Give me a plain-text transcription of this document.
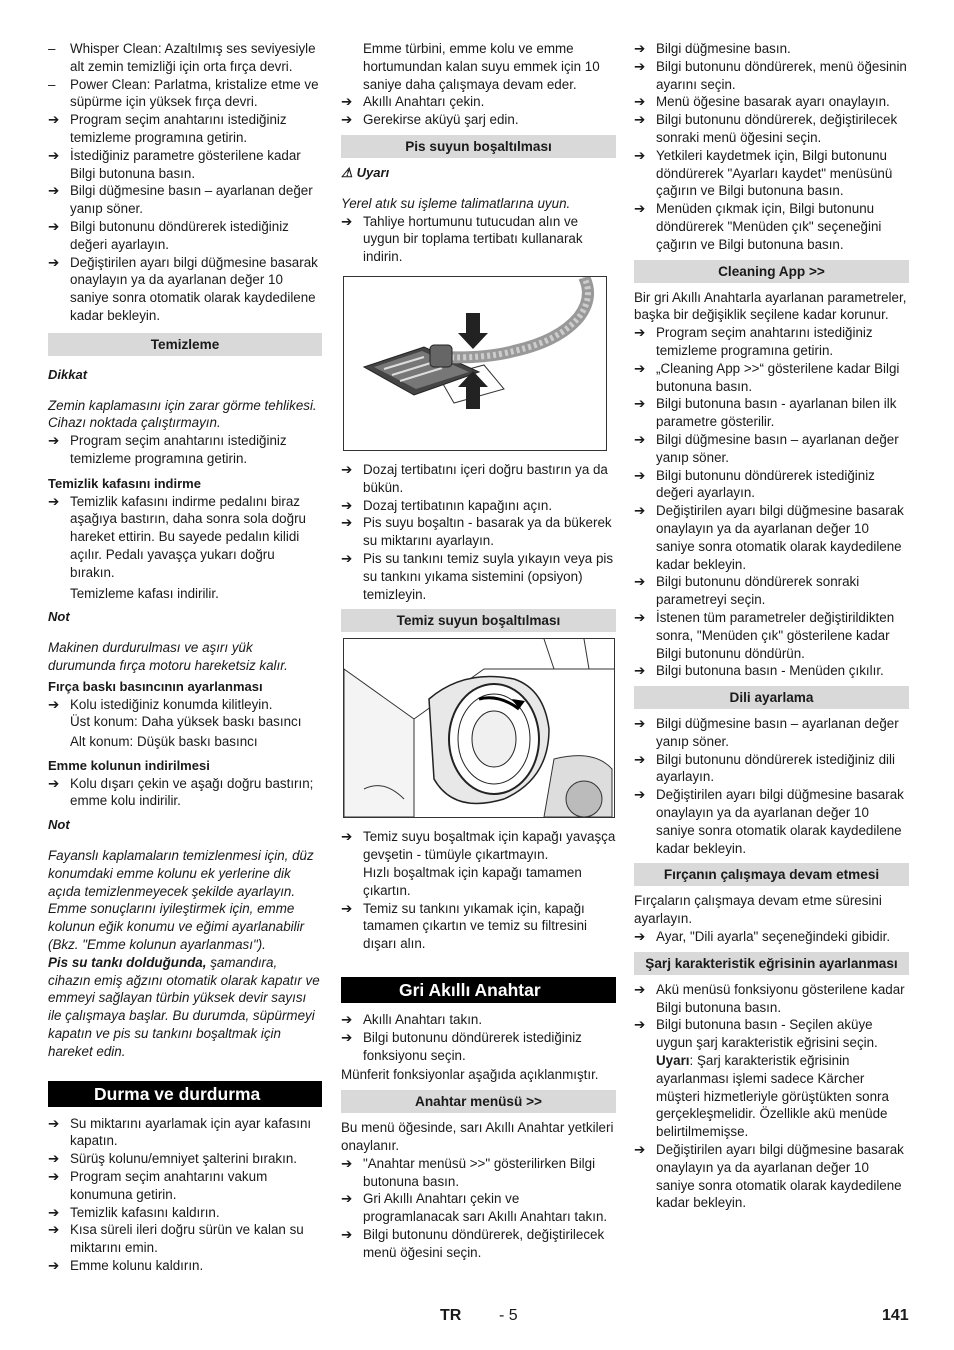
– Whisper Clean: Azaltılmış ses seviyesiyle alt zemin temizliği için orta fırça devri.

– Power Clean: Parlatma, kristalize etme ve süpürme için yüksek fırça devri.

➔ Program seçim anahtarını istediğiniz temizleme programına getirin.

➔ İstediğiniz parametre gösterilene kadar Bilgi butonuna basın.

➔ Bilgi düğmesine basın – ayarlanan değer yanıp söner.

➔ Bilgi butonunu döndürerek istediğiniz değeri ayarlayın.

➔ Değiştirilen ayarı bilgi düğmesine basarak onaylayın ya da ayarlanan değer 10 saniye sonra otomatik olarak kaydedilene kadar bekleyin.

Temizleme

Dikkat

Zemin kaplamasını için zarar görme tehlikesi. Cihazı noktada çalıştırmayın.

➔ Program seçim anahtarını istediğiniz temizleme programına getirin.

Temizlik kafasını indirme

➔ Temizlik kafasını indirme pedalını biraz aşağıya bastırın, daha sonra sola doğru hareket ettirin. Bu sayede pedalın kilidi açılır. Pedalı yavaşça yukarı doğru bırakın.

Temizleme kafası indirilir.

Not

Makinen durdurulması ve aşırı yük durumunda fırça motoru hareketsiz kalır.

Fırça baskı basıncının ayarlanması

➔ Kolu istediğiniz konumda kilitleyin.

Üst konum: Daha yüksek baskı basıncı

Alt konum: Düşük baskı basıncı

Emme kolunun indirilmesi

➔ Kolu dışarı çekin ve aşağı doğru bastırın; emme kolu indirilir.

Not

Fayanslı kaplamaların temizlenmesi için, düz konumdaki emme kolunu ek yerlerine dik açıda temizlenmeyecek şekilde ayarlayın.

Emme sonuçlarını iyileştirmek için, emme kolunun eğik konumu ve eğimi ayarlanabilir (Bkz. "Emme kolunun ayarlanması").

Pis su tankı dolduğunda, şamandıra, cihazın emiş ağzını otomatik olarak kapatır ve emmeyi sağlayan türbin yüksek devir sayısı ile çalışmaya başlar. Bu durumda, süpürmeyi kapatın ve pis su tankını boşaltmak için hareket edin.

Durma ve durdurma

➔ Su miktarını ayarlamak için ayar kafasını kapatın.

➔ Sürüş kolunu/emniyet şalterini bırakın.

➔ Program seçim anahtarını vakum konumuna getirin.

➔ Temizlik kafasını kaldırın.

➔ Kısa süreli ileri doğru sürün ve kalan su miktarını emin.

➔ Emme kolunu kaldırın.

Emme türbini, emme kolu ve emme hortumundan kalan suyu emmek için 10 saniye daha çalışmaya devam eder.

➔ Akıllı Anahtarı çekin.

➔ Gerekirse aküyü şarj edin.

Pis suyun boşaltılması

⚠ Uyarı

Yerel atık su işleme talimatlarına uyun.

➔ Tahliye hortumunu tutucudan alın ve uygun bir toplama tertibatı kullanarak indirin.

➔ Dozaj tertibatını içeri doğru bastırın ya da bükün.

➔ Dozaj tertibatının kapağını açın.

➔ Pis suyu boşaltın - basarak ya da bükerek su miktarını ayarlayın.

➔ Pis su tankını temiz suyla yıkayın veya pis su tankını yıkama sistemini (opsiyon) temizleyin.

Temiz suyun boşaltılması

➔ Temiz suyu boşaltmak için kapağı yavaşça gevşetin - tümüyle çıkartmayın.

Hızlı boşaltmak için kapağı tamamen çıkartın.

➔ Temiz su tankını yıkamak için, kapağı tamamen çıkartın ve temiz su filtresini dışarı alın.

Gri Akıllı Anahtar

➔ Akıllı Anahtarı takın.

➔ Bilgi butonunu döndürerek istediğiniz fonksiyonu seçin.

Münferit fonksiyonlar aşağıda açıklanmıştır.

Anahtar menüsü >>

Bu menü öğesinde, sarı Akıllı Anahtar yetkileri onaylanır.

➔ "Anahtar menüsü >>" gösterilirken Bilgi butonuna basın.

➔ Gri Akıllı Anahtarı çekin ve programlanacak sarı Akıllı Anahtarı takın.

➔ Bilgi butonunu döndürerek, değiştirilecek menü öğesini seçin.

➔ Bilgi düğmesine basın.

➔ Bilgi butonunu döndürerek, menü öğesinin ayarını seçin.

➔ Menü öğesine basarak ayarı onaylayın.

➔ Bilgi butonunu döndürerek, değiştirilecek sonraki menü öğesini seçin.

➔ Yetkileri kaydetmek için, Bilgi butonunu döndürerek "Ayarları kaydet" menüsünü çağırın ve Bilgi butonuna basın.

➔ Menüden çıkmak için, Bilgi butonunu döndürerek "Menüden çık" seçeneğini çağırın ve Bilgi butonuna basın.

Cleaning App >>

Bir gri Akıllı Anahtarla ayarlanan parametreler, başka bir değişiklik seçilene kadar korunur.

➔ Program seçim anahtarını istediğiniz temizleme programına getirin.

➔ „Cleaning App >>“ gösterilene kadar Bilgi butonuna basın.

➔ Bilgi butonuna basın - ayarlanan bilen ilk parametre gösterilir.

➔ Bilgi düğmesine basın – ayarlanan değer yanıp söner.

➔ Bilgi butonunu döndürerek istediğiniz değeri ayarlayın.

➔ Değiştirilen ayarı bilgi düğmesine basarak onaylayın ya da ayarlanan değer 10 saniye sonra otomatik olarak kaydedilene kadar bekleyin.

➔ Bilgi butonunu döndürerek sonraki parametreyi seçin.

➔ İstenen tüm parametreler değiştirildikten sonra, "Menüden çık" gösterilene kadar Bilgi butonunu döndürün.

➔ Bilgi butonuna basın - Menüden çıkılır.

Dili ayarlama

➔ Bilgi düğmesine basın – ayarlanan değer yanıp söner.

➔ Bilgi butonunu döndürerek istediğiniz dili ayarlayın.

➔ Değiştirilen ayarı bilgi düğmesine basarak onaylayın ya da ayarlanan değer 10 saniye sonra otomatik olarak kaydedilene kadar bekleyin.

Fırçanın çalışmaya devam etmesi

Fırçaların çalışmaya devam etme süresini ayarlayın.

➔ Ayar, "Dili ayarla" seçeneğindeki gibidir.

Şarj karakteristik eğrisinin ayarlanması

➔ Akü menüsü fonksiyonu gösterilene kadar Bilgi butonuna basın.

➔ Bilgi butonuna basın - Seçilen aküye uygun şarj karakteristik eğrisini seçin.

Uyarı: Şarj karakteristik eğrisinin ayarlanması işlemi sadece Kärcher müşteri hizmetleriyle görüştükten sonra gerçekleşmelidir. Özellikle akü menüde belirtilmemişse.

➔ Değiştirilen ayarı bilgi düğmesine basarak onaylayın ya da ayarlanan değer 10 saniye sonra otomatik olarak kaydedilene kadar bekleyin.

TR - 5	141
